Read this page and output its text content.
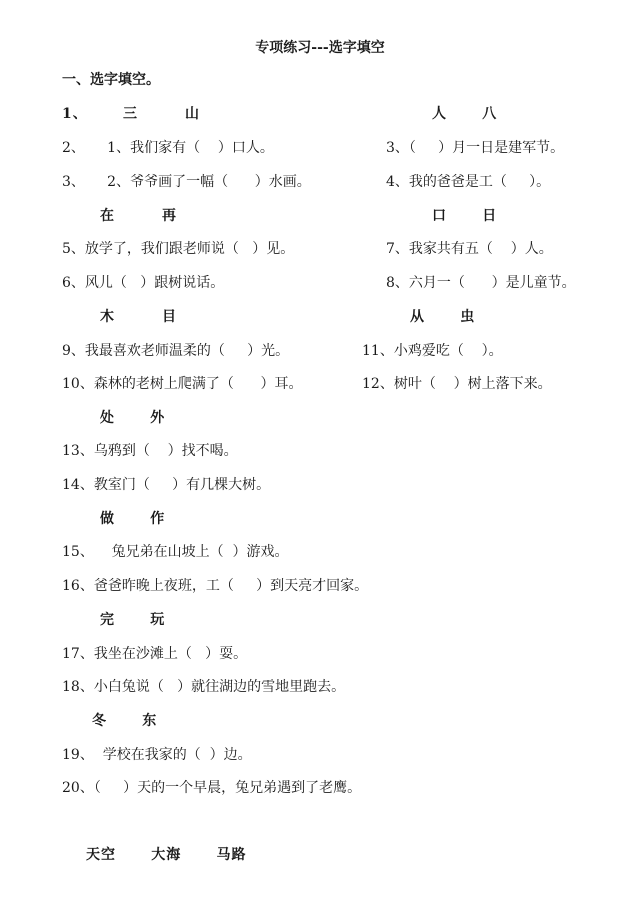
专项练习---选字填空
一、选字填空。
1、      三        山	人      八
2、     1、我们家有（    ）口人。	3、（     ）月一日是建军节。
3、     2、爷爷画了一幅（      ）水画。	4、我的爸爸是工（     ）。
在        再	口      日
5、放学了，我们跟老师说（   ）见。	7、我家共有五（    ）人。
6、风儿（   ）跟树说话。	8、六月一（      ）是儿童节。
木        目	从      虫
9、我最喜欢老师温柔的（     ）光。	11、小鸡爱吃（    ）。
10、森林的老树上爬满了（      ）耳。	12、树叶（    ）树上落下来。
处      外
13、乌鸦到（    ）找不喝。
14、教室门（     ）有几棵大树。
做      作
15、    兔兄弟在山坡上（  ）游戏。
16、爸爸昨晚上夜班，工（     ）到天亮才回家。
完      玩
17、我坐在沙滩上（   ）耍。
18、小白兔说（   ）就往湖边的雪地里跑去。
冬      东
19、  学校在我家的（  ）边。
20、（     ）天的一个早晨，兔兄弟遇到了老鹰。
天空      大海      马路
